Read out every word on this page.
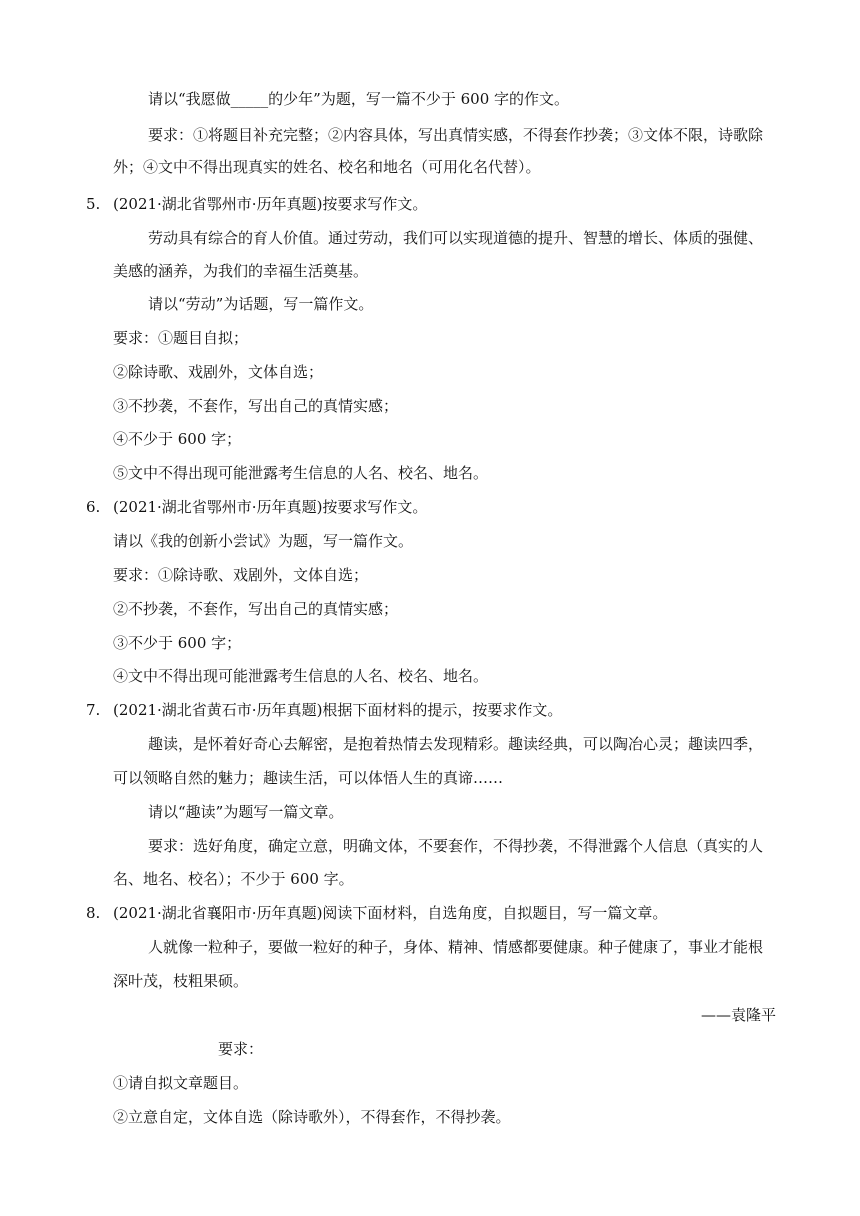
请以“我愿做_____的少年”为题，写一篇不少于 600 字的作文。
要求：①将题目补充完整；②内容具体，写出真情实感，不得套作抄袭；③文体不限，诗歌除
外；④文中不得出现真实的姓名、校名和地名（可用化名代替）。
5. (2021·湖北省鄂州市·历年真题)按要求写作文。
劳动具有综合的育人价值。通过劳动，我们可以实现道德的提升、智慧的增长、体质的强健、
美感的涵养，为我们的幸福生活奠基。
请以“劳动”为话题，写一篇作文。
要求：①题目自拟；
②除诗歌、戏剧外，文体自选；
③不抄袭，不套作，写出自己的真情实感；
④不少于 600 字；
⑤文中不得出现可能泄露考生信息的人名、校名、地名。
6. (2021·湖北省鄂州市·历年真题)按要求写作文。
请以《我的创新小尝试》为题，写一篇作文。
要求：①除诗歌、戏剧外，文体自选；
②不抄袭，不套作，写出自己的真情实感；
③不少于 600 字；
④文中不得出现可能泄露考生信息的人名、校名、地名。
7. (2021·湖北省黄石市·历年真题)根据下面材料的提示，按要求作文。
趣读，是怀着好奇心去解密，是抱着热情去发现精彩。趣读经典，可以陶冶心灵；趣读四季，
可以领略自然的魅力；趣读生活，可以体悟人生的真谛……
请以“趣读”为题写一篇文章。
要求：选好角度，确定立意，明确文体，不要套作，不得抄袭，不得泄露个人信息（真实的人
名、地名、校名）；不少于 600 字。
8. (2021·湖北省襄阳市·历年真题)阅读下面材料，自选角度，自拟题目，写一篇文章。
人就像一粒种子，要做一粒好的种子，身体、精神、情感都要健康。种子健康了，事业才能根
深叶茂，枝粗果硕。
——袁隆平
要求：
①请自拟文章题目。
②立意自定，文体自选（除诗歌外），不得套作，不得抄袭。
